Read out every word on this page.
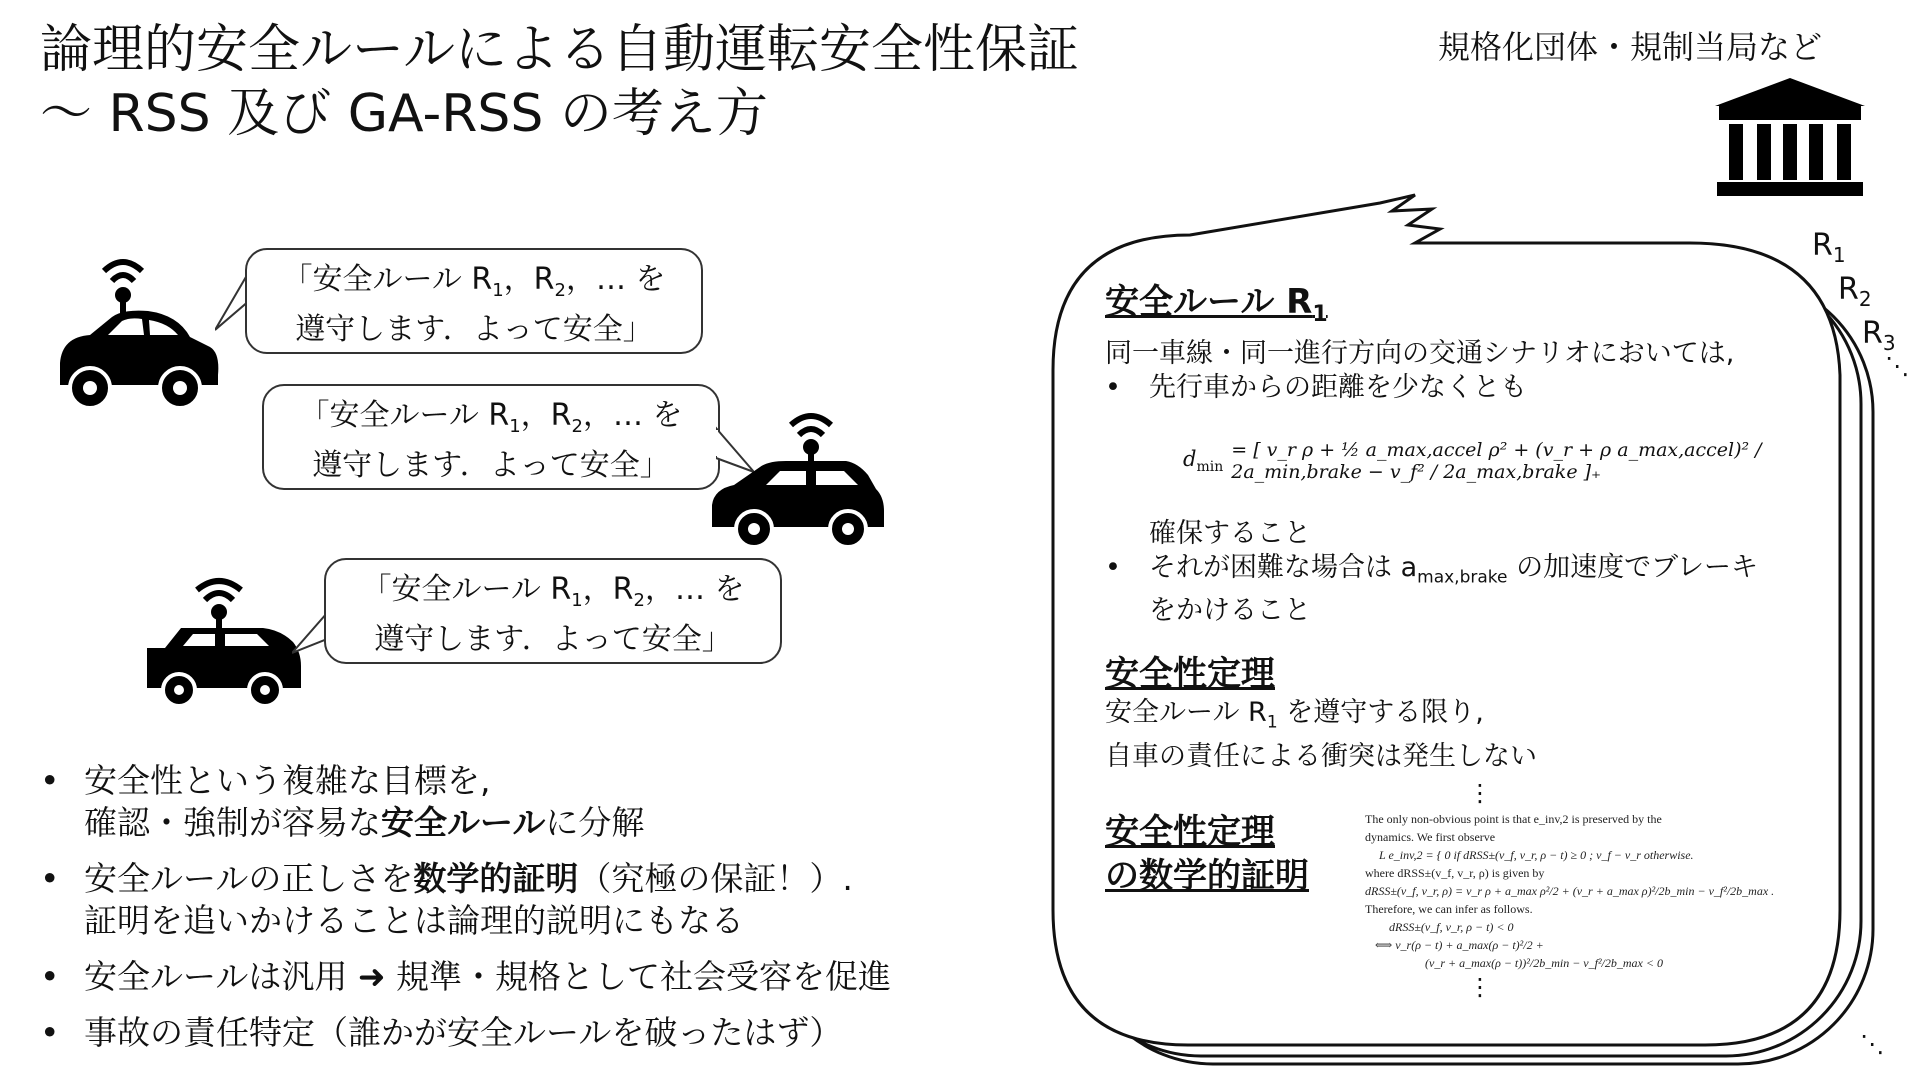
論理的安全ルールによる自動運転安全性保証
〜 RSS 及び GA-RSS の考え方
規格化団体・規制当局など
「安全ルール $R_1$，$R_2$，… を
遵守します．よって安全」
「安全ルール $R_1$，$R_2$，… を
遵守します．よって安全」
「安全ルール $R_1$，$R_2$，… を
遵守します．よって安全」
• 安全性という複雑な目標を,
確認・強制が容易な安全ルールに分解
• 安全ルールの正しさを数学的証明（究極の保証！）.
証明を追いかけることは論理的説明にもなる
• 安全ルールは汎用 ➜ 規準・規格として社会受容を促進
• 事故の責任特定（誰かが安全ルールを破ったはず）
$R_1$
$R_2$
$R_3$
⋱
⋱
安全ルール $R_1$
同一車線・同一進行方向の交通シナリオにおいては,
• 先行車からの距離を少なくとも
$d_{min}$
= [ v_r ρ + ½ a_max,accel ρ² + (v_r + ρ a_max,accel)² / 2a_min,brake − v_f² / 2a_max,brake ]₊
確保すること
• それが困難な場合は $a_{max,brake}$ の加速度でブレーキ
をかけること
安全性定理
安全ルール $R_1$ を遵守する限り,
自車の責任による衝突は発生しない
⋮
安全性定理
の数学的証明
The only non-obvious point is that e_inv,2 is preserved by the
dynamics. We first observe
L e_inv,2 = { 0 if dRSS±(v_f, v_r, ρ − t) ≥ 0 ; v_f − v_r otherwise.
where dRSS±(v_f, v_r, ρ) is given by
dRSS±(v_f, v_r, ρ) = v_r ρ + a_max ρ²/2 + (v_r + a_max ρ)²/2b_min − v_f²/2b_max .
Therefore, we can infer as follows.
dRSS±(v_f, v_r, ρ − t) < 0
⟺ v_r(ρ − t) + a_max(ρ − t)²/2 +
(v_r + a_max(ρ − t))²/2b_min − v_f²/2b_max < 0
⋮
